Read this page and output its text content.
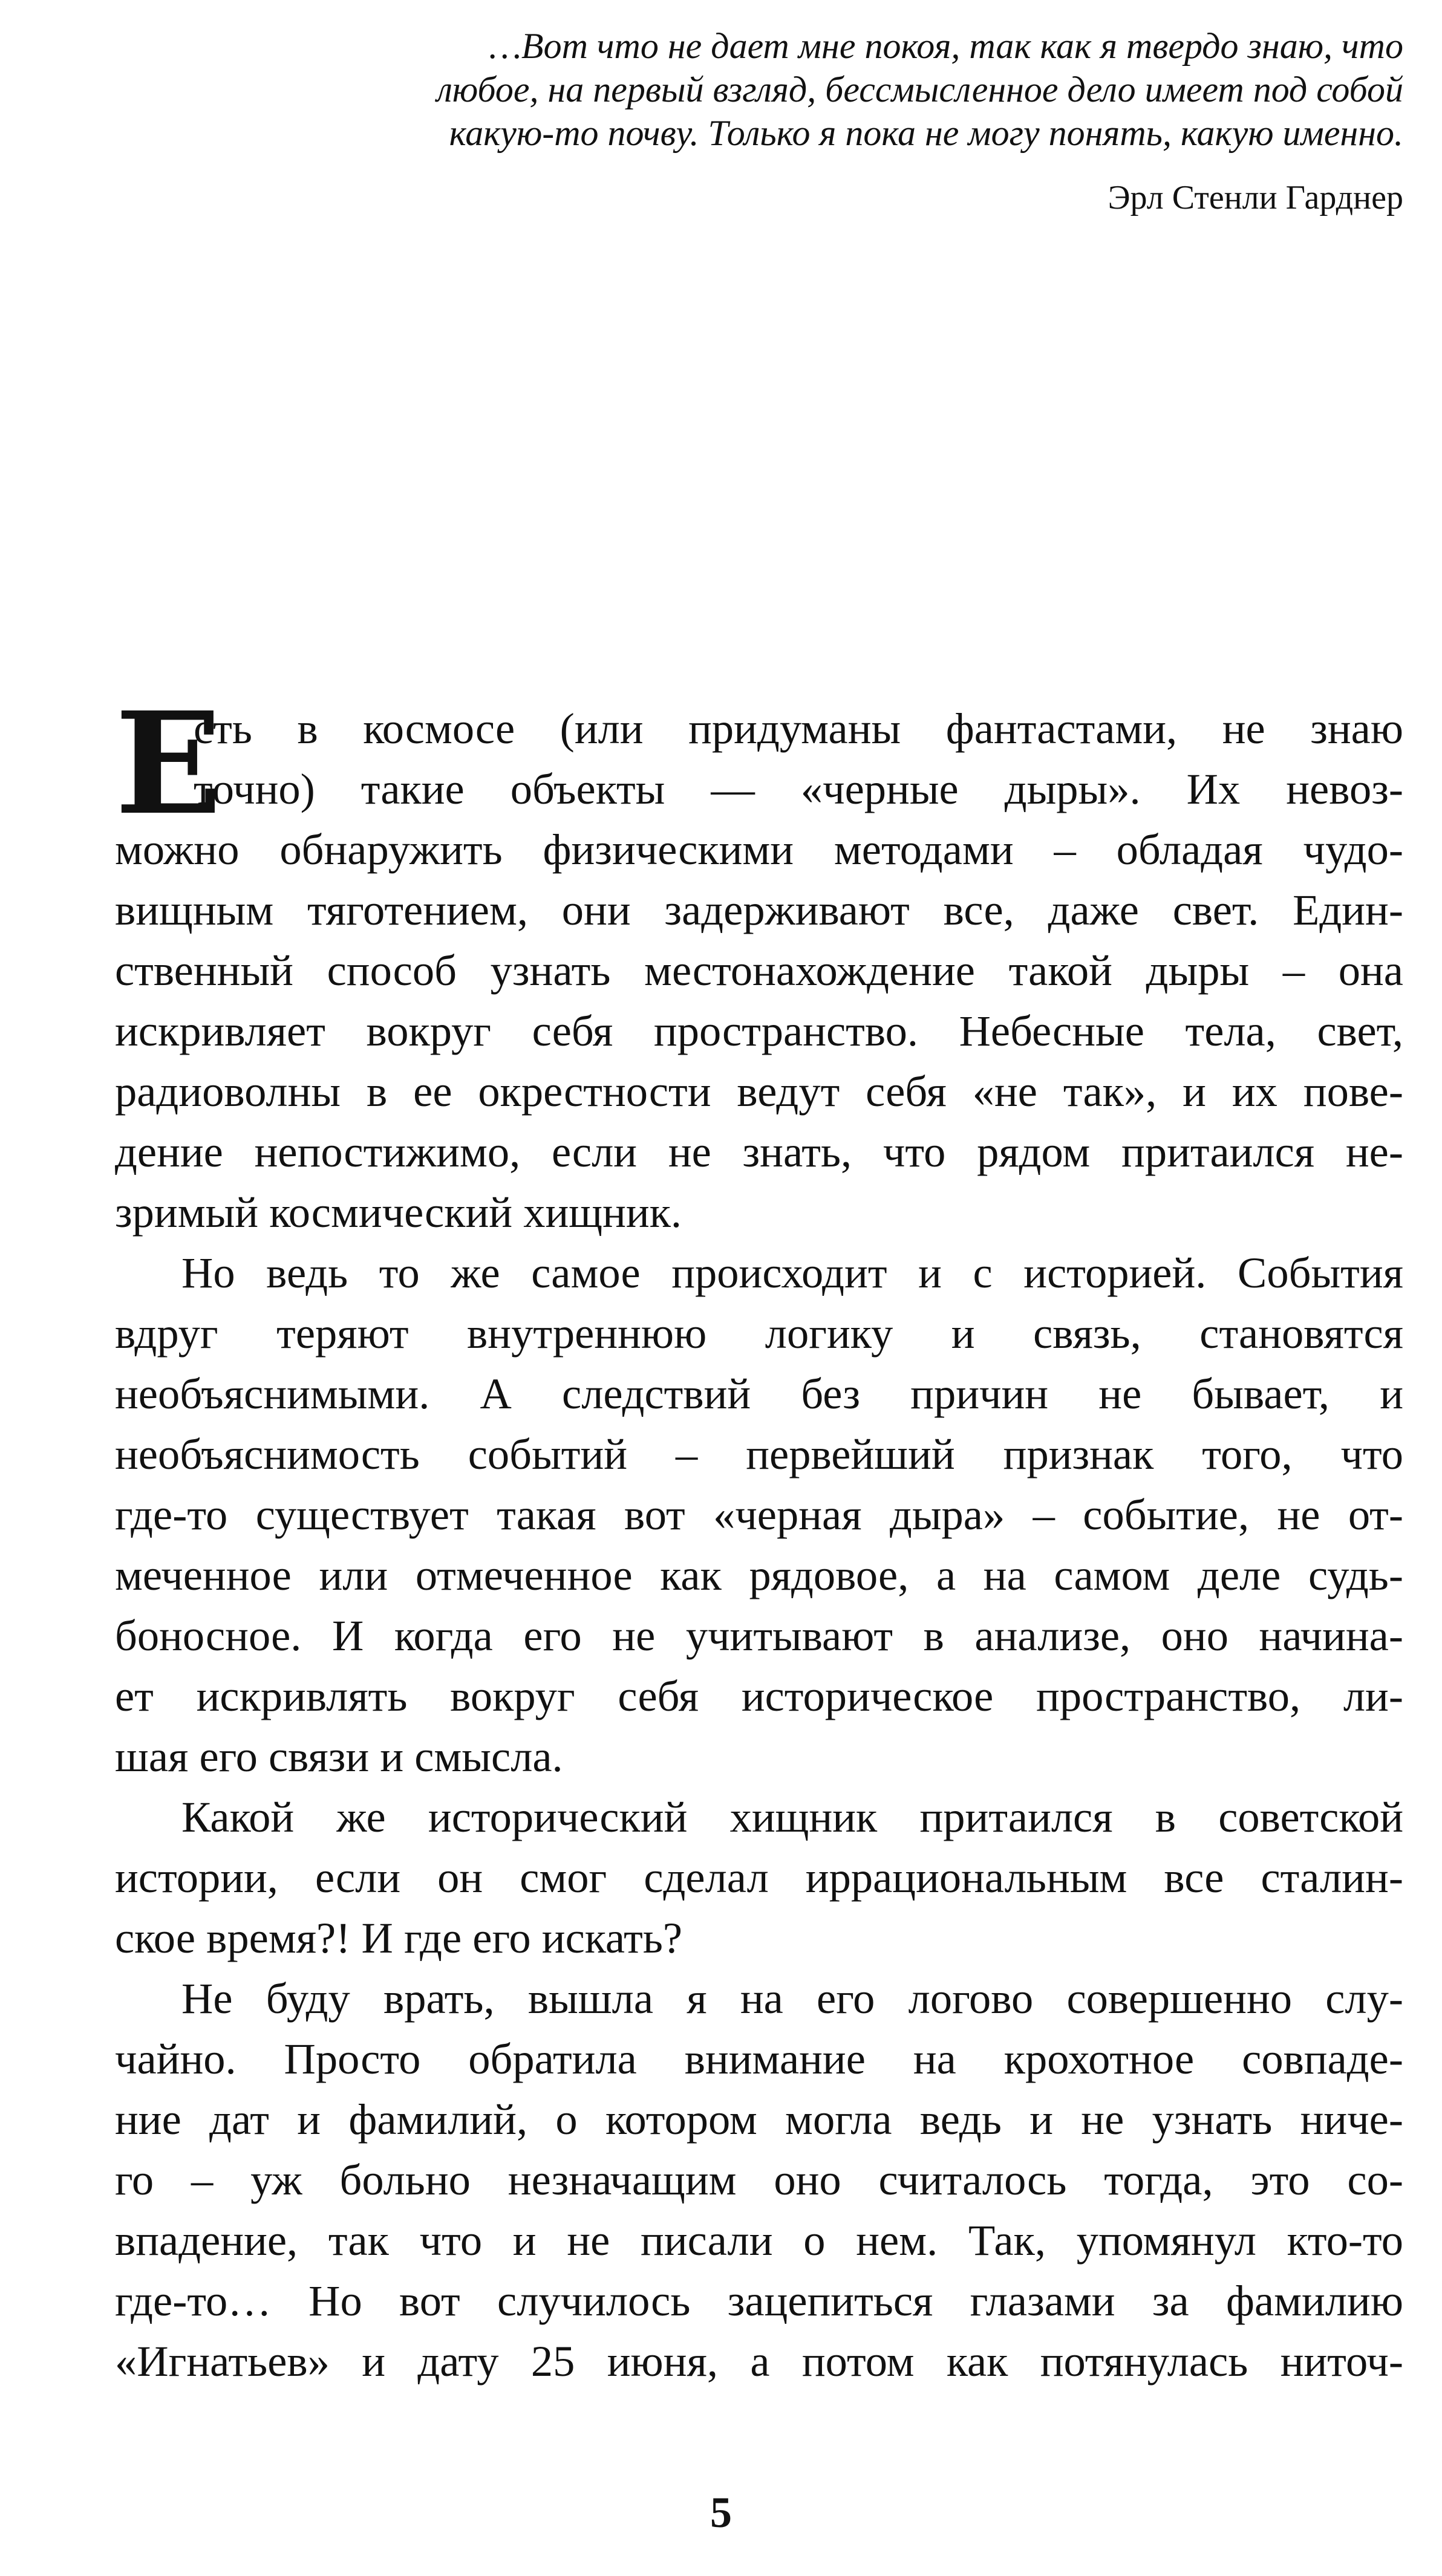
…Вот что не дает мне покоя, так как я твердо знаю, что
любое, на первый взгляд, бессмысленное дело имеет под собой
какую-то почву. Только я пока не могу понять, какую именно.
Эрл Стенли Гарднер
Е
сть в космосе (или придуманы фантастами, не знаю
точно) такие объекты — «черные дыры». Их невоз-
можно обнаружить физическими методами – обладая чудо-
вищным тяготением, они задерживают все, даже свет. Един-
ственный способ узнать местонахождение такой дыры – она
искривляет вокруг себя пространство. Небесные тела, свет,
радиоволны в ее окрестности ведут себя «не так», и их пове-
дение непостижимо, если не знать, что рядом притаился не-
зримый космический хищник.
Но ведь то же самое происходит и с историей. События
вдруг теряют внутреннюю логику и связь, становятся
необъяснимыми. А следствий без причин не бывает, и
необъяснимость событий – первейший признак того, что
где-то существует такая вот «черная дыра» – событие, не от-
меченное или отмеченное как рядовое, а на самом деле судь-
боносное. И когда его не учитывают в анализе, оно начина-
ет искривлять вокруг себя историческое пространство, ли-
шая его связи и смысла.
Какой же исторический хищник притаился в советской
истории, если он смог сделал иррациональным все сталин-
ское время?! И где его искать?
Не буду врать, вышла я на его логово совершенно слу-
чайно. Просто обратила внимание на крохотное совпаде-
ние дат и фамилий, о котором могла ведь и не узнать ниче-
го – уж больно незначащим оно считалось тогда, это со-
впадение, так что и не писали о нем. Так, упомянул кто-то
где-то… Но вот случилось зацепиться глазами за фамилию
«Игнатьев» и дату 25 июня, а потом как потянулась ниточ-
5
